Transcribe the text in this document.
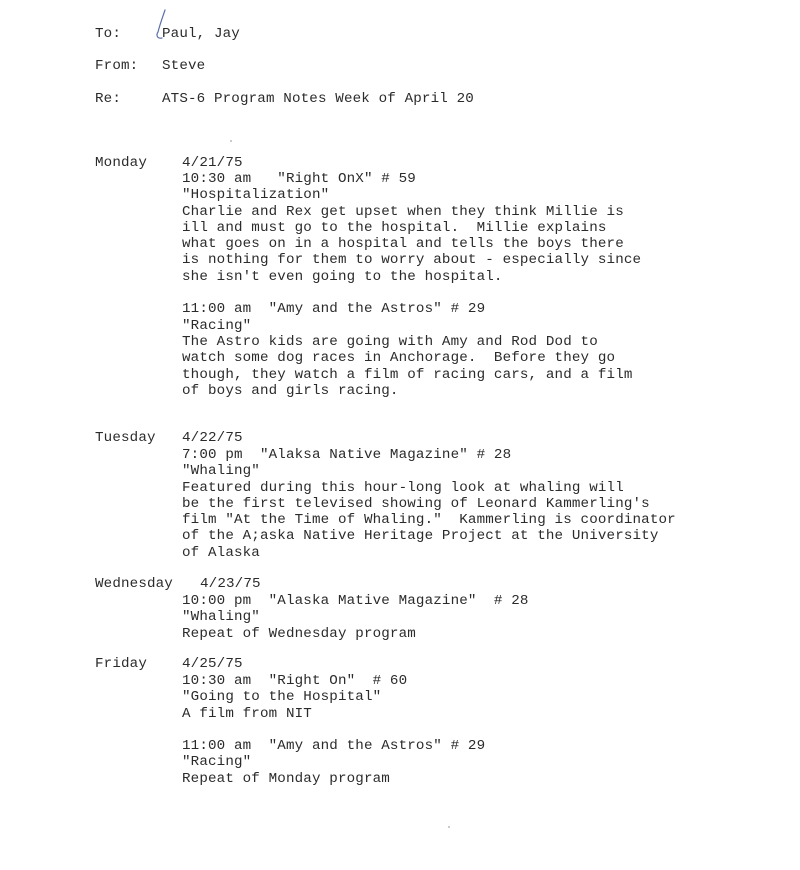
To:	Paul, Jay
From: Steve
Re:	ATS-6 Program Notes Week of April 20
Monday 4/21/75
10:30 am   "Right OnX" # 59
"Hospitalization"
Charlie and Rex get upset when they think Millie is
ill and must go to the hospital.  Millie explains
what goes on in a hospital and tells the boys there
is nothing for them to worry about - especially since
she isn't even going to the hospital.
11:00 am  "Amy and the Astros" # 29
"Racing"
The Astro kids are going with Amy and Rod Dod to
watch some dog races in Anchorage.  Before they go
though, they watch a film of racing cars, and a film
of boys and girls racing.
Tuesday 4/22/75
7:00 pm  "Alaksa Native Magazine" # 28
"Whaling"
Featured during this hour-long look at whaling will
be the first televised showing of Leonard Kammerling's
film "At the Time of Whaling."  Kammerling is coordinator
of the A;aska Native Heritage Project at the University
of Alaska
Wednesday 4/23/75
10:00 pm  "Alaska Mative Magazine"  # 28
"Whaling"
Repeat of Wednesday program
Friday 4/25/75
10:30 am  "Right On"  # 60
"Going to the Hospital"
A film from NIT
11:00 am  "Amy and the Astros" # 29
"Racing"
Repeat of Monday program
